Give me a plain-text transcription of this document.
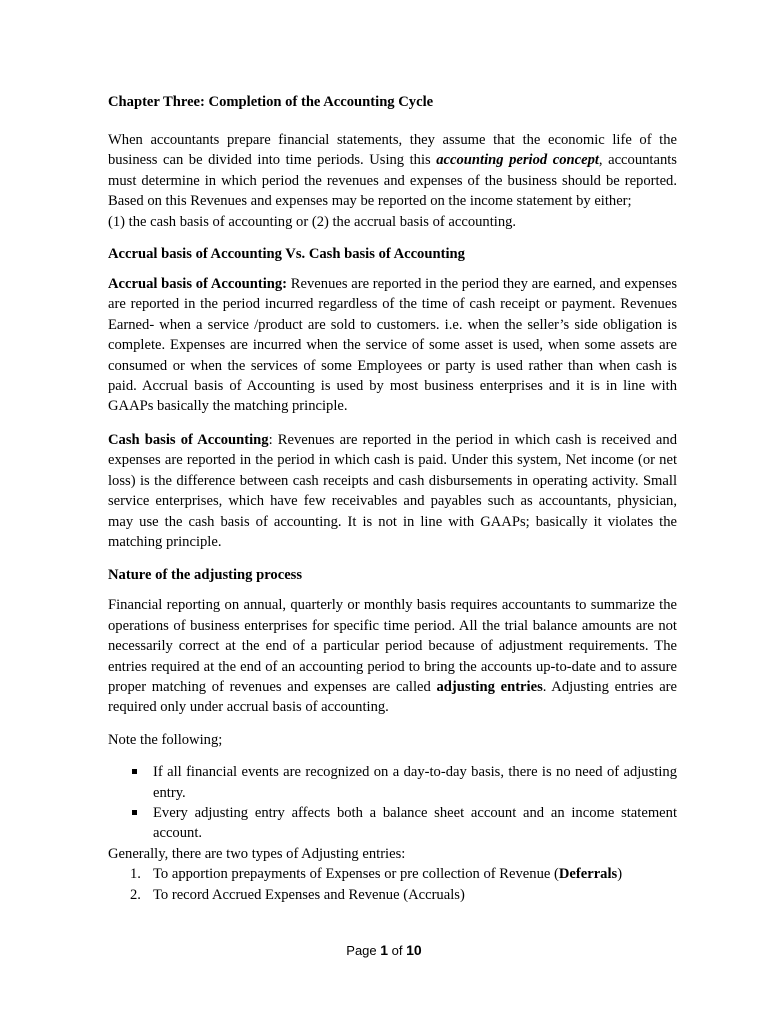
Chapter Three: Completion of the Accounting Cycle

When accountants prepare financial statements, they assume that the economic life of the business can be divided into time periods. Using this accounting period concept, accountants must determine in which period the revenues and expenses of the business should be reported. Based on this Revenues and expenses may be reported on the income statement by either;
(1) the cash basis of accounting or (2) the accrual basis of accounting.

Accrual basis of Accounting Vs. Cash basis of Accounting

Accrual basis of Accounting: Revenues are reported in the period they are earned, and expenses are reported in the period incurred regardless of the time of cash receipt or payment. Revenues Earned- when a service /product are sold to customers. i.e. when the seller’s side obligation is complete. Expenses are incurred when the service of some asset is used, when some assets are consumed or when the services of some Employees or party is used rather than when cash is paid. Accrual basis of Accounting is used by most business enterprises and it is in line with GAAPs basically the matching principle.

Cash basis of Accounting: Revenues are reported in the period in which cash is received and expenses are reported in the period in which cash is paid. Under this system, Net income (or net loss) is the difference between cash receipts and cash disbursements in operating activity. Small service enterprises, which have few receivables and payables such as accountants, physician, may use the cash basis of accounting. It is not in line with GAAPs; basically it violates the matching principle.

Nature of the adjusting process

Financial reporting on annual, quarterly or monthly basis requires accountants to summarize the operations of business enterprises for specific time period. All the trial balance amounts are not necessarily correct at the end of a particular period because of adjustment requirements. The entries required at the end of an accounting period to bring the accounts up-to-date and to assure proper matching of revenues and expenses are called adjusting entries. Adjusting entries are required only under accrual basis of accounting.

Note the following;

If all financial events are recognized on a day-to-day basis, there is no need of adjusting entry.
Every adjusting entry affects both a balance sheet account and an income statement account.

Generally, there are two types of Adjusting entries:

1. To apportion prepayments of Expenses or pre collection of Revenue (Deferrals)
2. To record Accrued Expenses and Revenue (Accruals)
Page 1 of 10
